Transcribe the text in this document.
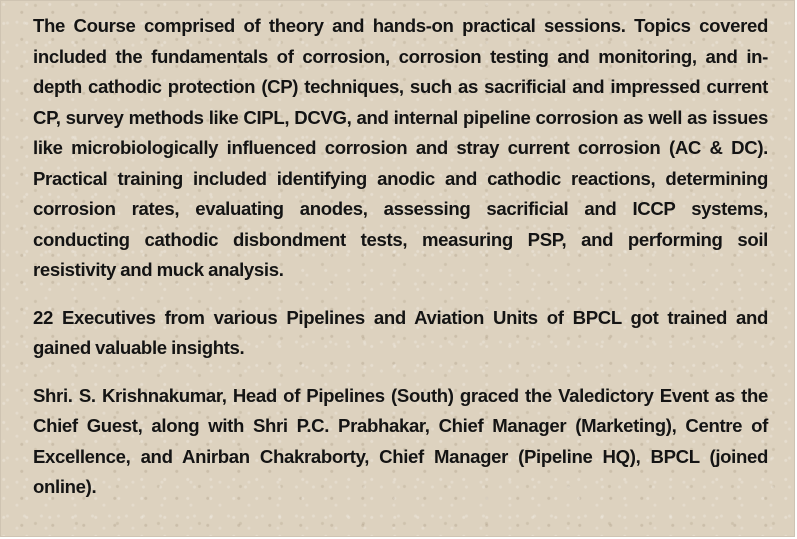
The Course comprised of theory and hands-on practical sessions. Topics covered included the fundamentals of corrosion, corrosion testing and monitoring, and in-depth cathodic protection (CP) techniques, such as sacrificial and impressed current CP, survey methods like CIPL, DCVG, and internal pipeline corrosion as well as issues like microbiologically influenced corrosion and stray current corrosion (AC & DC). Practical training included identifying anodic and cathodic reactions, determining corrosion rates, evaluating anodes, assessing sacrificial and ICCP systems, conducting cathodic disbondment tests, measuring PSP, and performing soil resistivity and muck analysis.

22 Executives from various Pipelines and Aviation Units of BPCL got trained and gained valuable insights.

Shri. S. Krishnakumar, Head of Pipelines (South) graced the Valedictory Event as the Chief Guest, along with Shri P.C. Prabhakar, Chief Manager (Marketing), Centre of Excellence, and Anirban Chakraborty, Chief Manager (Pipeline HQ), BPCL (joined online).
